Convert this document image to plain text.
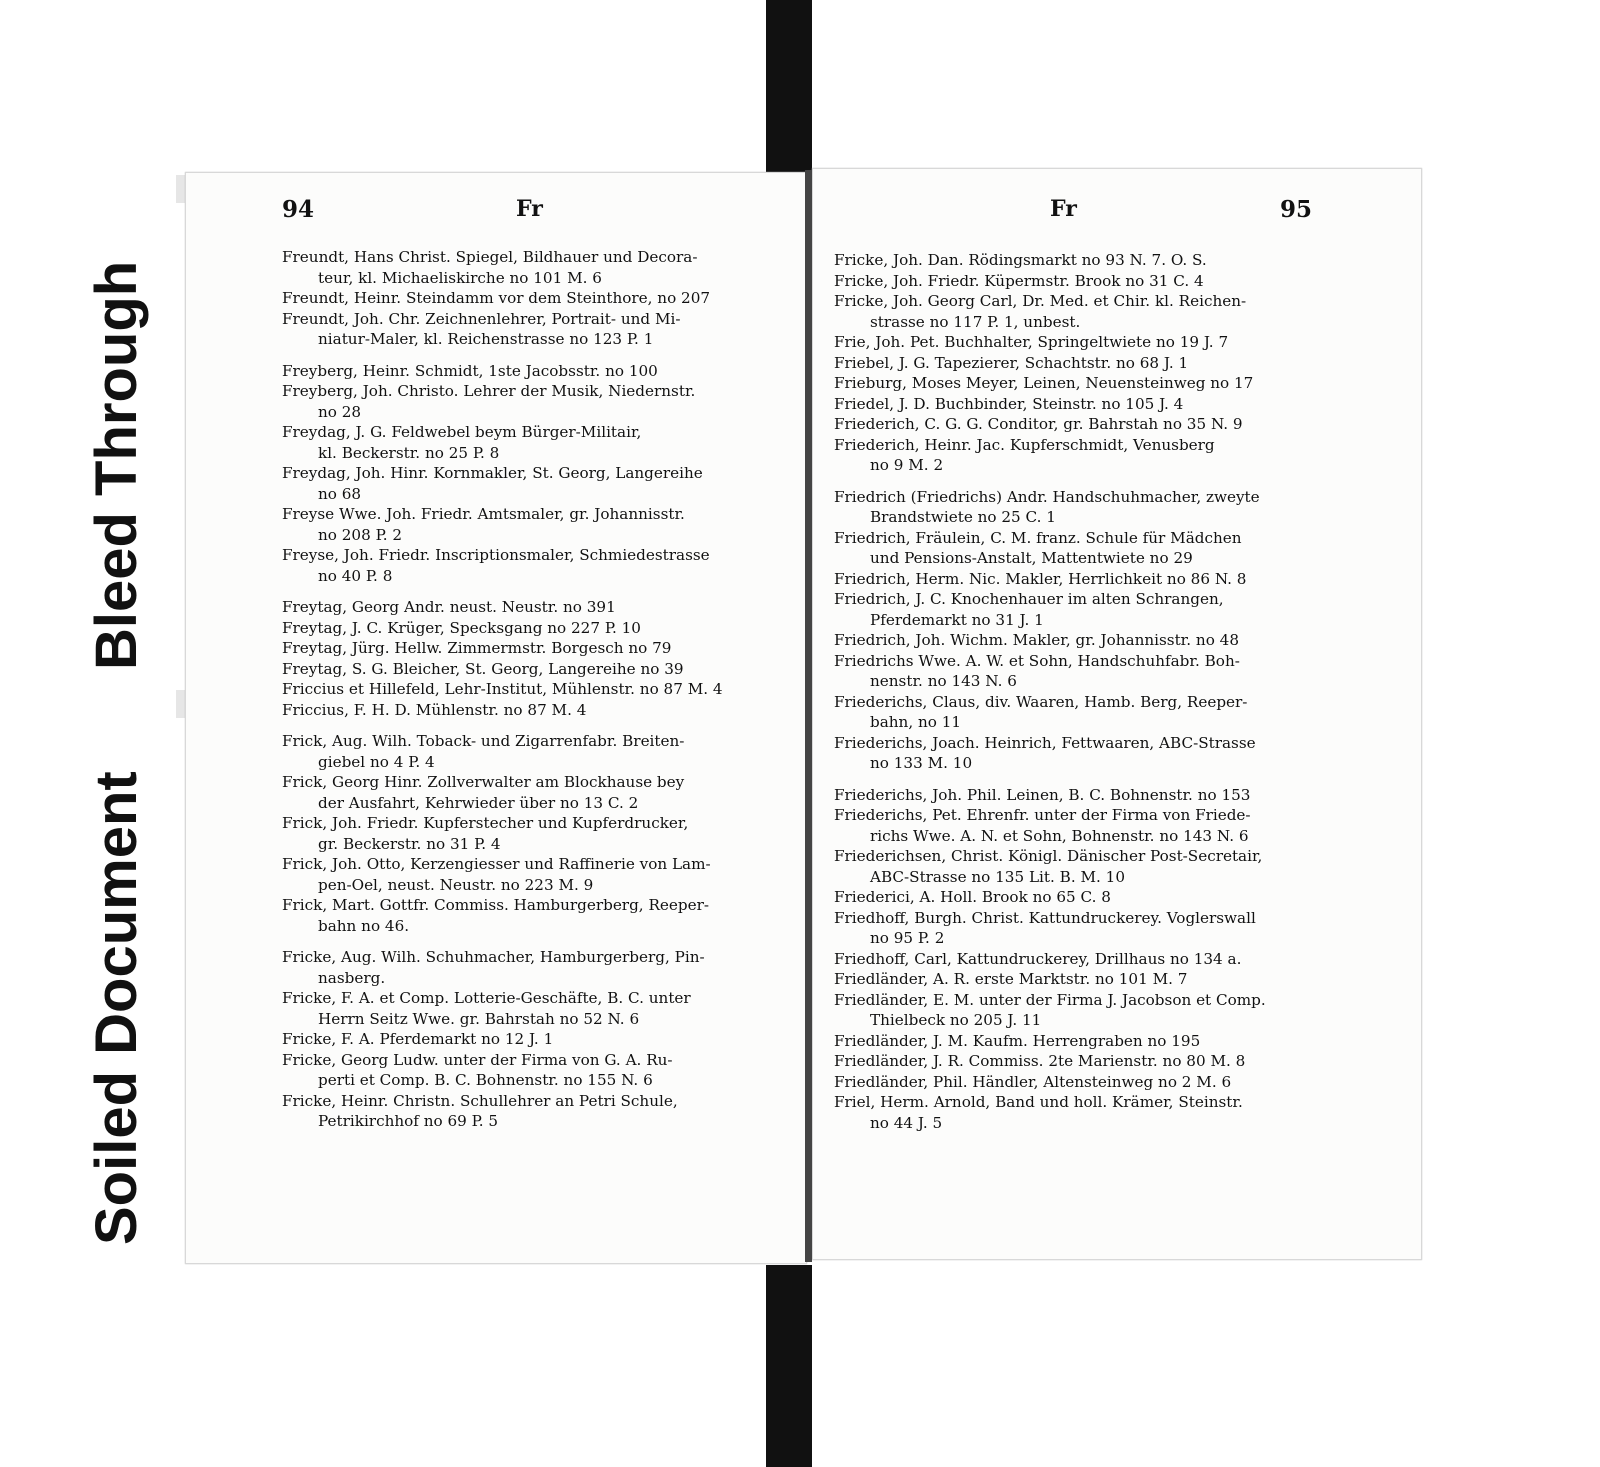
Soiled Document
Bleed Through
94	Fr	Fr	95

Freundt, Hans Christ. Spiegel, Bildhauer und Decora-

teur, kl. Michaeliskirche no 101 M. 6

Freundt, Heinr. Steindamm vor dem Steinthore, no 207

Freundt, Joh. Chr. Zeichnenlehrer, Portrait- und Mi-

niatur-Maler, kl. Reichenstrasse no 123 P. 1

Freyberg, Heinr. Schmidt, 1ste Jacobsstr. no 100

Freyberg, Joh. Christo. Lehrer der Musik, Niedernstr.

no 28

Freydag, J. G. Feldwebel beym Bürger-Militair,

kl. Beckerstr. no 25 P. 8

Freydag, Joh. Hinr. Kornmakler, St. Georg, Langereihe

no 68

Freyse Wwe. Joh. Friedr. Amtsmaler, gr. Johannisstr.

no 208 P. 2

Freyse, Joh. Friedr. Inscriptionsmaler, Schmiedestrasse

no 40 P. 8

Freytag, Georg Andr. neust. Neustr. no 391

Freytag, J. C. Krüger, Specksgang no 227 P. 10

Freytag, Jürg. Hellw. Zimmermstr. Borgesch no 79

Freytag, S. G. Bleicher, St. Georg, Langereihe no 39

Friccius et Hillefeld, Lehr-Institut, Mühlenstr. no 87 M. 4

Friccius, F. H. D. Mühlenstr. no 87 M. 4

Frick, Aug. Wilh. Toback- und Zigarrenfabr. Breiten-

giebel no 4 P. 4

Frick, Georg Hinr. Zollverwalter am Blockhause bey

der Ausfahrt, Kehrwieder über no 13 C. 2

Frick, Joh. Friedr. Kupferstecher und Kupferdrucker,

gr. Beckerstr. no 31 P. 4

Frick, Joh. Otto, Kerzengiesser und Raffinerie von Lam-

pen-Oel, neust. Neustr. no 223 M. 9

Frick, Mart. Gottfr. Commiss. Hamburgerberg, Reeper-

bahn no 46.

Fricke, Aug. Wilh. Schuhmacher, Hamburgerberg, Pin-

nasberg.

Fricke, F. A. et Comp. Lotterie-Geschäfte, B. C. unter

Herrn Seitz Wwe. gr. Bahrstah no 52 N. 6

Fricke, F. A. Pferdemarkt no 12 J. 1

Fricke, Georg Ludw. unter der Firma von G. A. Ru-

perti et Comp. B. C. Bohnenstr. no 155 N. 6

Fricke, Heinr. Christn. Schullehrer an Petri Schule,

Petrikirchhof no 69 P. 5

Fricke, Joh. Dan. Rödingsmarkt no 93 N. 7. O. S.

Fricke, Joh. Friedr. Küpermstr. Brook no 31 C. 4

Fricke, Joh. Georg Carl, Dr. Med. et Chir. kl. Reichen-

strasse no 117 P. 1, unbest.

Frie, Joh. Pet. Buchhalter, Springeltwiete no 19 J. 7

Friebel, J. G. Tapezierer, Schachtstr. no 68 J. 1

Frieburg, Moses Meyer, Leinen, Neuensteinweg no 17

Friedel, J. D. Buchbinder, Steinstr. no 105 J. 4

Friederich, C. G. G. Conditor, gr. Bahrstah no 35 N. 9

Friederich, Heinr. Jac. Kupferschmidt, Venusberg

no 9 M. 2

Friedrich (Friedrichs) Andr. Handschuhmacher, zweyte

Brandstwiete no 25 C. 1

Friedrich, Fräulein, C. M. franz. Schule für Mädchen

und Pensions-Anstalt, Mattentwiete no 29

Friedrich, Herm. Nic. Makler, Herrlichkeit no 86 N. 8

Friedrich, J. C. Knochenhauer im alten Schrangen,

Pferdemarkt no 31 J. 1

Friedrich, Joh. Wichm. Makler, gr. Johannisstr. no 48

Friedrichs Wwe. A. W. et Sohn, Handschuhfabr. Boh-

nenstr. no 143 N. 6

Friederichs, Claus, div. Waaren, Hamb. Berg, Reeper-

bahn, no 11

Friederichs, Joach. Heinrich, Fettwaaren, ABC-Strasse

no 133 M. 10

Friederichs, Joh. Phil. Leinen, B. C. Bohnenstr. no 153

Friederichs, Pet. Ehrenfr. unter der Firma von Friede-

richs Wwe. A. N. et Sohn, Bohnenstr. no 143 N. 6

Friederichsen, Christ. Königl. Dänischer Post-Secretair,

ABC-Strasse no 135 Lit. B. M. 10

Friederici, A. Holl. Brook no 65 C. 8

Friedhoff, Burgh. Christ. Kattundruckerey. Voglerswall

no 95 P. 2

Friedhoff, Carl, Kattundruckerey, Drillhaus no 134 a.

Friedländer, A. R. erste Marktstr. no 101 M. 7

Friedländer, E. M. unter der Firma J. Jacobson et Comp.

Thielbeck no 205 J. 11

Friedländer, J. M. Kaufm. Herrengraben no 195

Friedländer, J. R. Commiss. 2te Marienstr. no 80 M. 8

Friedländer, Phil. Händler, Altensteinweg no 2 M. 6

Friel, Herm. Arnold, Band und holl. Krämer, Steinstr.

no 44 J. 5
